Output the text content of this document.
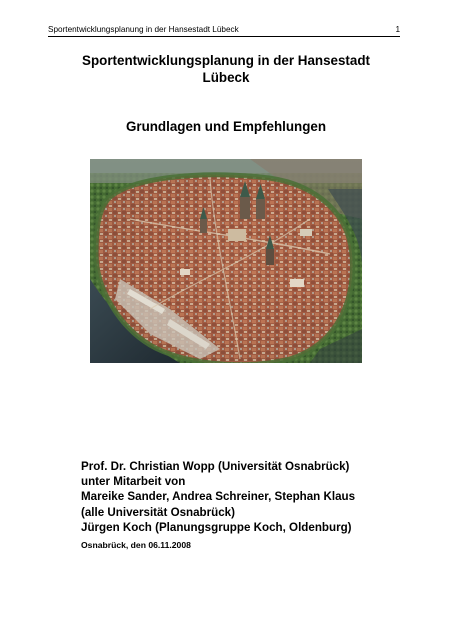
Sportentwicklungsplanung in der Hansestadt Lübeck	1
Sportentwicklungsplanung in der Hansestadt
Lübeck
Grundlagen und Empfehlungen
Prof. Dr. Christian Wopp (Universität Osnabrück)
unter Mitarbeit von
Mareike Sander, Andrea Schreiner, Stephan Klaus
(alle Universität Osnabrück)
Jürgen Koch (Planungsgruppe Koch, Oldenburg)
Osnabrück, den 06.11.2008
